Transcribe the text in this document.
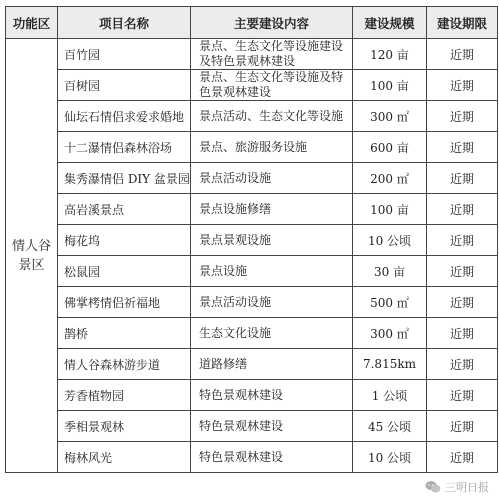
功能区	项目名称	主要建设内容	建设规模	建设期限

情人谷
景区	百竹园	景点、生态文化等设施建设及特色景观林建设	120 亩	近期
	百树园	景点、生态文化等设施及特色景观林建设	100 亩	近期
	仙坛石情侣求爱求婚地	景点活动、生态文化等设施	300 ㎡	近期
	十二瀑情侣森林浴场	景点、旅游服务设施	600 亩	近期
	集秀瀑情侣 DIY 盆景园	景点活动设施	200 ㎡	近期
	高岩溪景点	景点设施修缮	100 亩	近期
	梅花坞	景点景观设施	10 公顷	近期
	松鼠园	景点设施	30 亩	近期
	佛掌栲情侣祈福地	景点活动设施	500 ㎡	近期
	鹊桥	生态文化设施	300 ㎡	近期
	情人谷森林游步道	道路修缮	7.815km	近期
	芳香植物园	特色景观林建设	1 公顷	近期
	季相景观林	特色景观林建设	45 公顷	近期
	梅林风光	特色景观林建设	10 公顷	近期
三明日报
